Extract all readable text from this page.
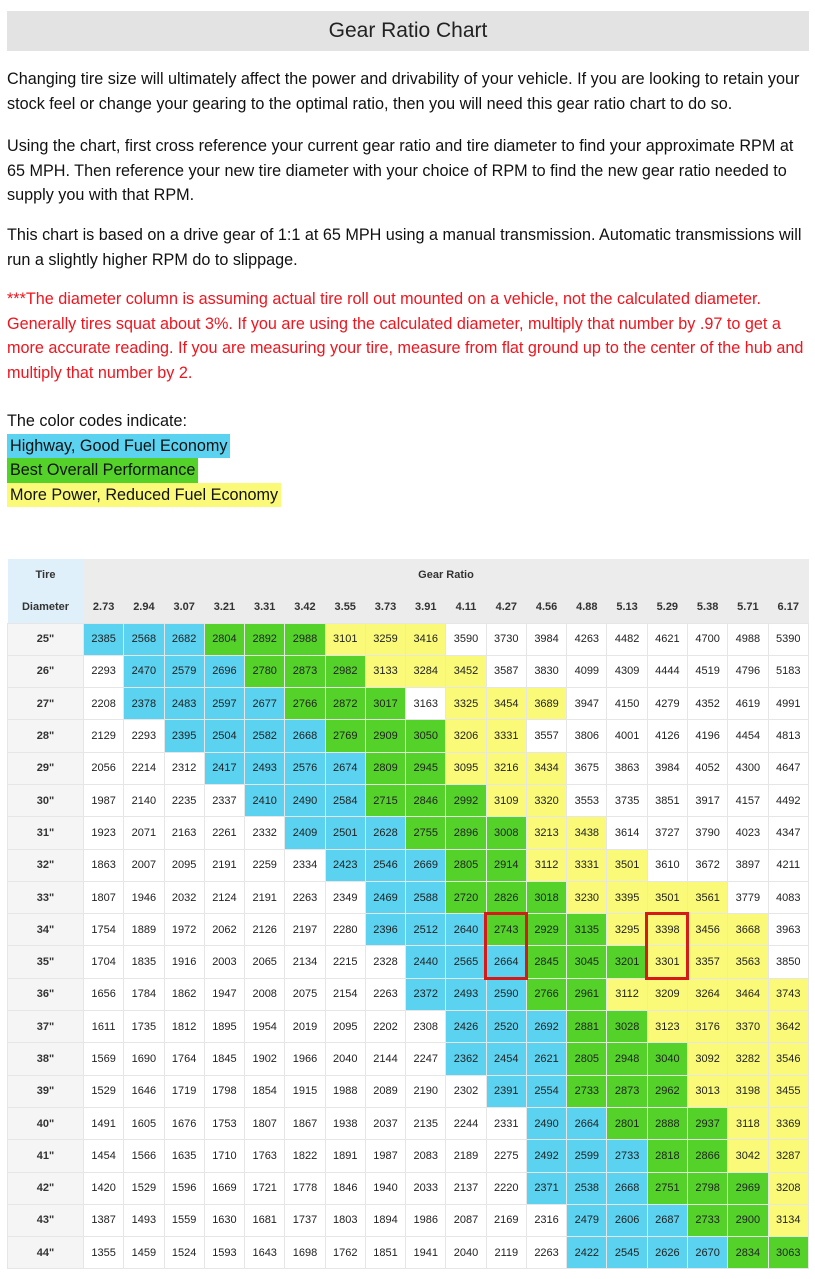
Gear Ratio Chart

Changing tire size will ultimately affect the power and drivability of your vehicle. If you are looking to retain your stock feel or change your gearing to the optimal ratio, then you will need this gear ratio chart to do so.

Using the chart, first cross reference your current gear ratio and tire diameter to find your approximate RPM at 65 MPH. Then reference your new tire diameter with your choice of RPM to find the new gear ratio needed to supply you with that RPM.

This chart is based on a drive gear of 1:1 at 65 MPH using a manual transmission. Automatic transmissions will run a slightly higher RPM do to slippage.

***The diameter column is assuming actual tire roll out mounted on a vehicle, not the calculated diameter. Generally tires squat about 3%. If you are using the calculated diameter, multiply that number by .97 to get a more accurate reading. If you are measuring your tire, measure from flat ground up to the center of the hub and multiply that number by 2.

The color codes indicate:
Highway, Good Fuel Economy
Best Overall Performance
More Power, Reduced Fuel Economy
Tire	Gear Ratio																	
Diameter	2.73	2.94	3.07	3.21	3.31	3.42	3.55	3.73	3.91	4.11	4.27	4.56	4.88	5.13	5.29	5.38	5.71	6.17
25"	2385	2568	2682	2804	2892	2988	3101	3259	3416	3590	3730	3984	4263	4482	4621	4700	4988	5390
26"	2293	2470	2579	2696	2780	2873	2982	3133	3284	3452	3587	3830	4099	4309	4444	4519	4796	5183
27"	2208	2378	2483	2597	2677	2766	2872	3017	3163	3325	3454	3689	3947	4150	4279	4352	4619	4991
28"	2129	2293	2395	2504	2582	2668	2769	2909	3050	3206	3331	3557	3806	4001	4126	4196	4454	4813
29"	2056	2214	2312	2417	2493	2576	2674	2809	2945	3095	3216	3434	3675	3863	3984	4052	4300	4647
30"	1987	2140	2235	2337	2410	2490	2584	2715	2846	2992	3109	3320	3553	3735	3851	3917	4157	4492
31"	1923	2071	2163	2261	2332	2409	2501	2628	2755	2896	3008	3213	3438	3614	3727	3790	4023	4347
32"	1863	2007	2095	2191	2259	2334	2423	2546	2669	2805	2914	3112	3331	3501	3610	3672	3897	4211
33"	1807	1946	2032	2124	2191	2263	2349	2469	2588	2720	2826	3018	3230	3395	3501	3561	3779	4083
34"	1754	1889	1972	2062	2126	2197	2280	2396	2512	2640	2743	2929	3135	3295	3398	3456	3668	3963
35"	1704	1835	1916	2003	2065	2134	2215	2328	2440	2565	2664	2845	3045	3201	3301	3357	3563	3850
36"	1656	1784	1862	1947	2008	2075	2154	2263	2372	2493	2590	2766	2961	3112	3209	3264	3464	3743
37"	1611	1735	1812	1895	1954	2019	2095	2202	2308	2426	2520	2692	2881	3028	3123	3176	3370	3642
38"	1569	1690	1764	1845	1902	1966	2040	2144	2247	2362	2454	2621	2805	2948	3040	3092	3282	3546
39"	1529	1646	1719	1798	1854	1915	1988	2089	2190	2302	2391	2554	2733	2873	2962	3013	3198	3455
40"	1491	1605	1676	1753	1807	1867	1938	2037	2135	2244	2331	2490	2664	2801	2888	2937	3118	3369
41"	1454	1566	1635	1710	1763	1822	1891	1987	2083	2189	2275	2492	2599	2733	2818	2866	3042	3287
42"	1420	1529	1596	1669	1721	1778	1846	1940	2033	2137	2220	2371	2538	2668	2751	2798	2969	3208
43"	1387	1493	1559	1630	1681	1737	1803	1894	1986	2087	2169	2316	2479	2606	2687	2733	2900	3134
44"	1355	1459	1524	1593	1643	1698	1762	1851	1941	2040	2119	2263	2422	2545	2626	2670	2834	3063
